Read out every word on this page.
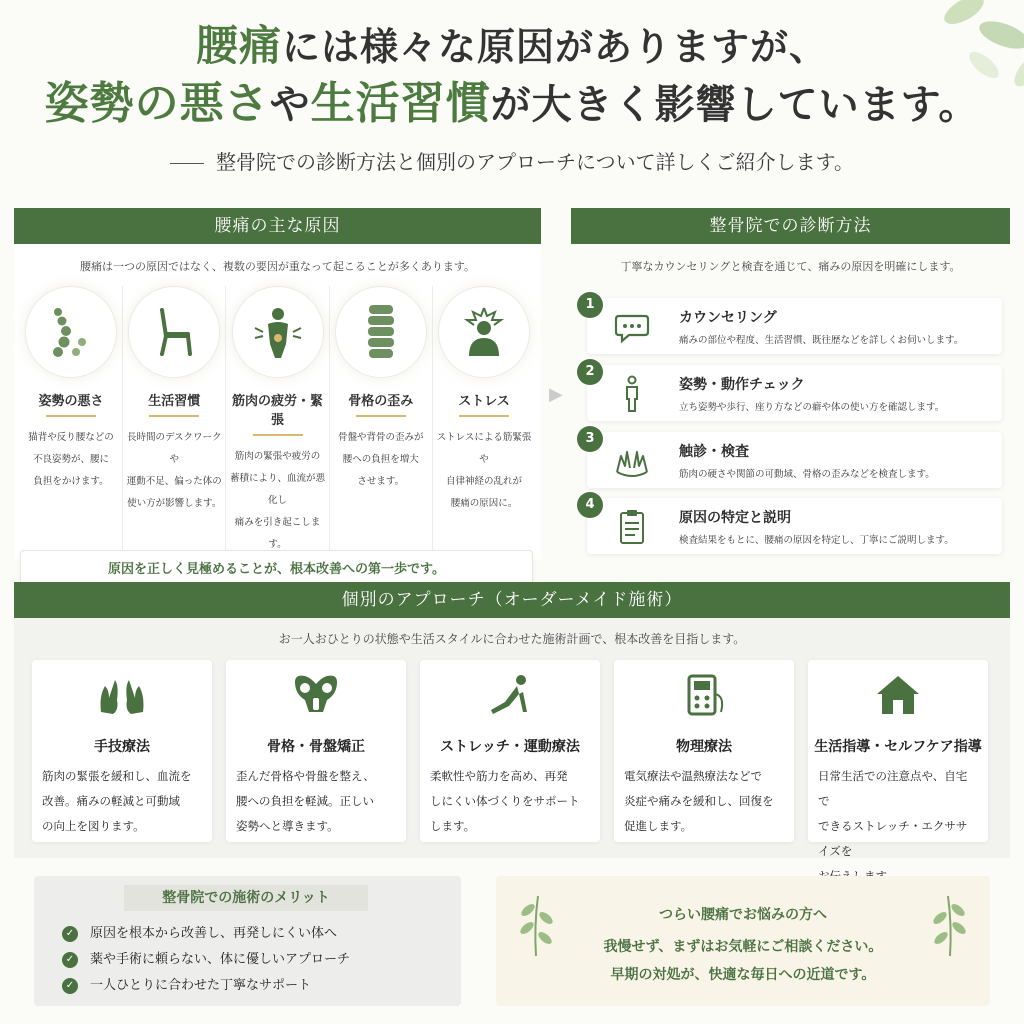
腰痛には様々な原因がありますが、
姿勢の悪さや生活習慣が大きく影響しています。
整骨院での診断方法と個別のアプローチについて詳しくご紹介します。
腰痛の主な原因
腰痛は一つの原因ではなく、複数の要因が重なって起こることが多くあります。
姿勢の悪さ
猫背や反り腰などの
不良姿勢が、腰に
負担をかけます。
生活習慣
長時間のデスクワークや
運動不足、偏った体の
使い方が影響します。
筋肉の疲労・緊張
筋肉の緊張や疲労の
蓄積により、血流が悪化し
痛みを引き起こします。
骨格の歪み
骨盤や背骨の歪みが
腰への負担を増大
させます。
ストレス
ストレスによる筋緊張や
自律神経の乱れが
腰痛の原因に。
原因を正しく見極めることが、根本改善への第一歩です。
▶
整骨院での診断方法
丁寧なカウンセリングと検査を通じて、痛みの原因を明確にします。
1
カウンセリング
痛みの部位や程度、生活習慣、既往歴などを詳しくお伺いします。
2
姿勢・動作チェック
立ち姿勢や歩行、座り方などの癖や体の使い方を確認します。
3
触診・検査
筋肉の硬さや関節の可動域、骨格の歪みなどを検査します。
4
原因の特定と説明
検査結果をもとに、腰痛の原因を特定し、丁寧にご説明します。
個別のアプローチ（オーダーメイド施術）
お一人おひとりの状態や生活スタイルに合わせた施術計画で、根本改善を目指します。
手技療法
筋肉の緊張を緩和し、血流を
改善。痛みの軽減と可動域
の向上を図ります。
骨格・骨盤矯正
歪んだ骨格や骨盤を整え、
腰への負担を軽減。正しい
姿勢へと導きます。
ストレッチ・運動療法
柔軟性や筋力を高め、再発
しにくい体づくりをサポート
します。
物理療法
電気療法や温熱療法などで
炎症や痛みを緩和し、回復を
促進します。
生活指導・セルフケア指導
日常生活での注意点や、自宅で
できるストレッチ・エクササイズを
整骨院での施術のメリット
✓ 原因を根本から改善し、再発しにくい体へ
✓ 薬や手術に頼らない、体に優しいアプローチ
✓ 一人ひとりに合わせた丁寧なサポート
つらい腰痛でお悩みの方へ
我慢せず、まずはお気軽にご相談ください。
早期の対処が、快適な毎日への近道です。
